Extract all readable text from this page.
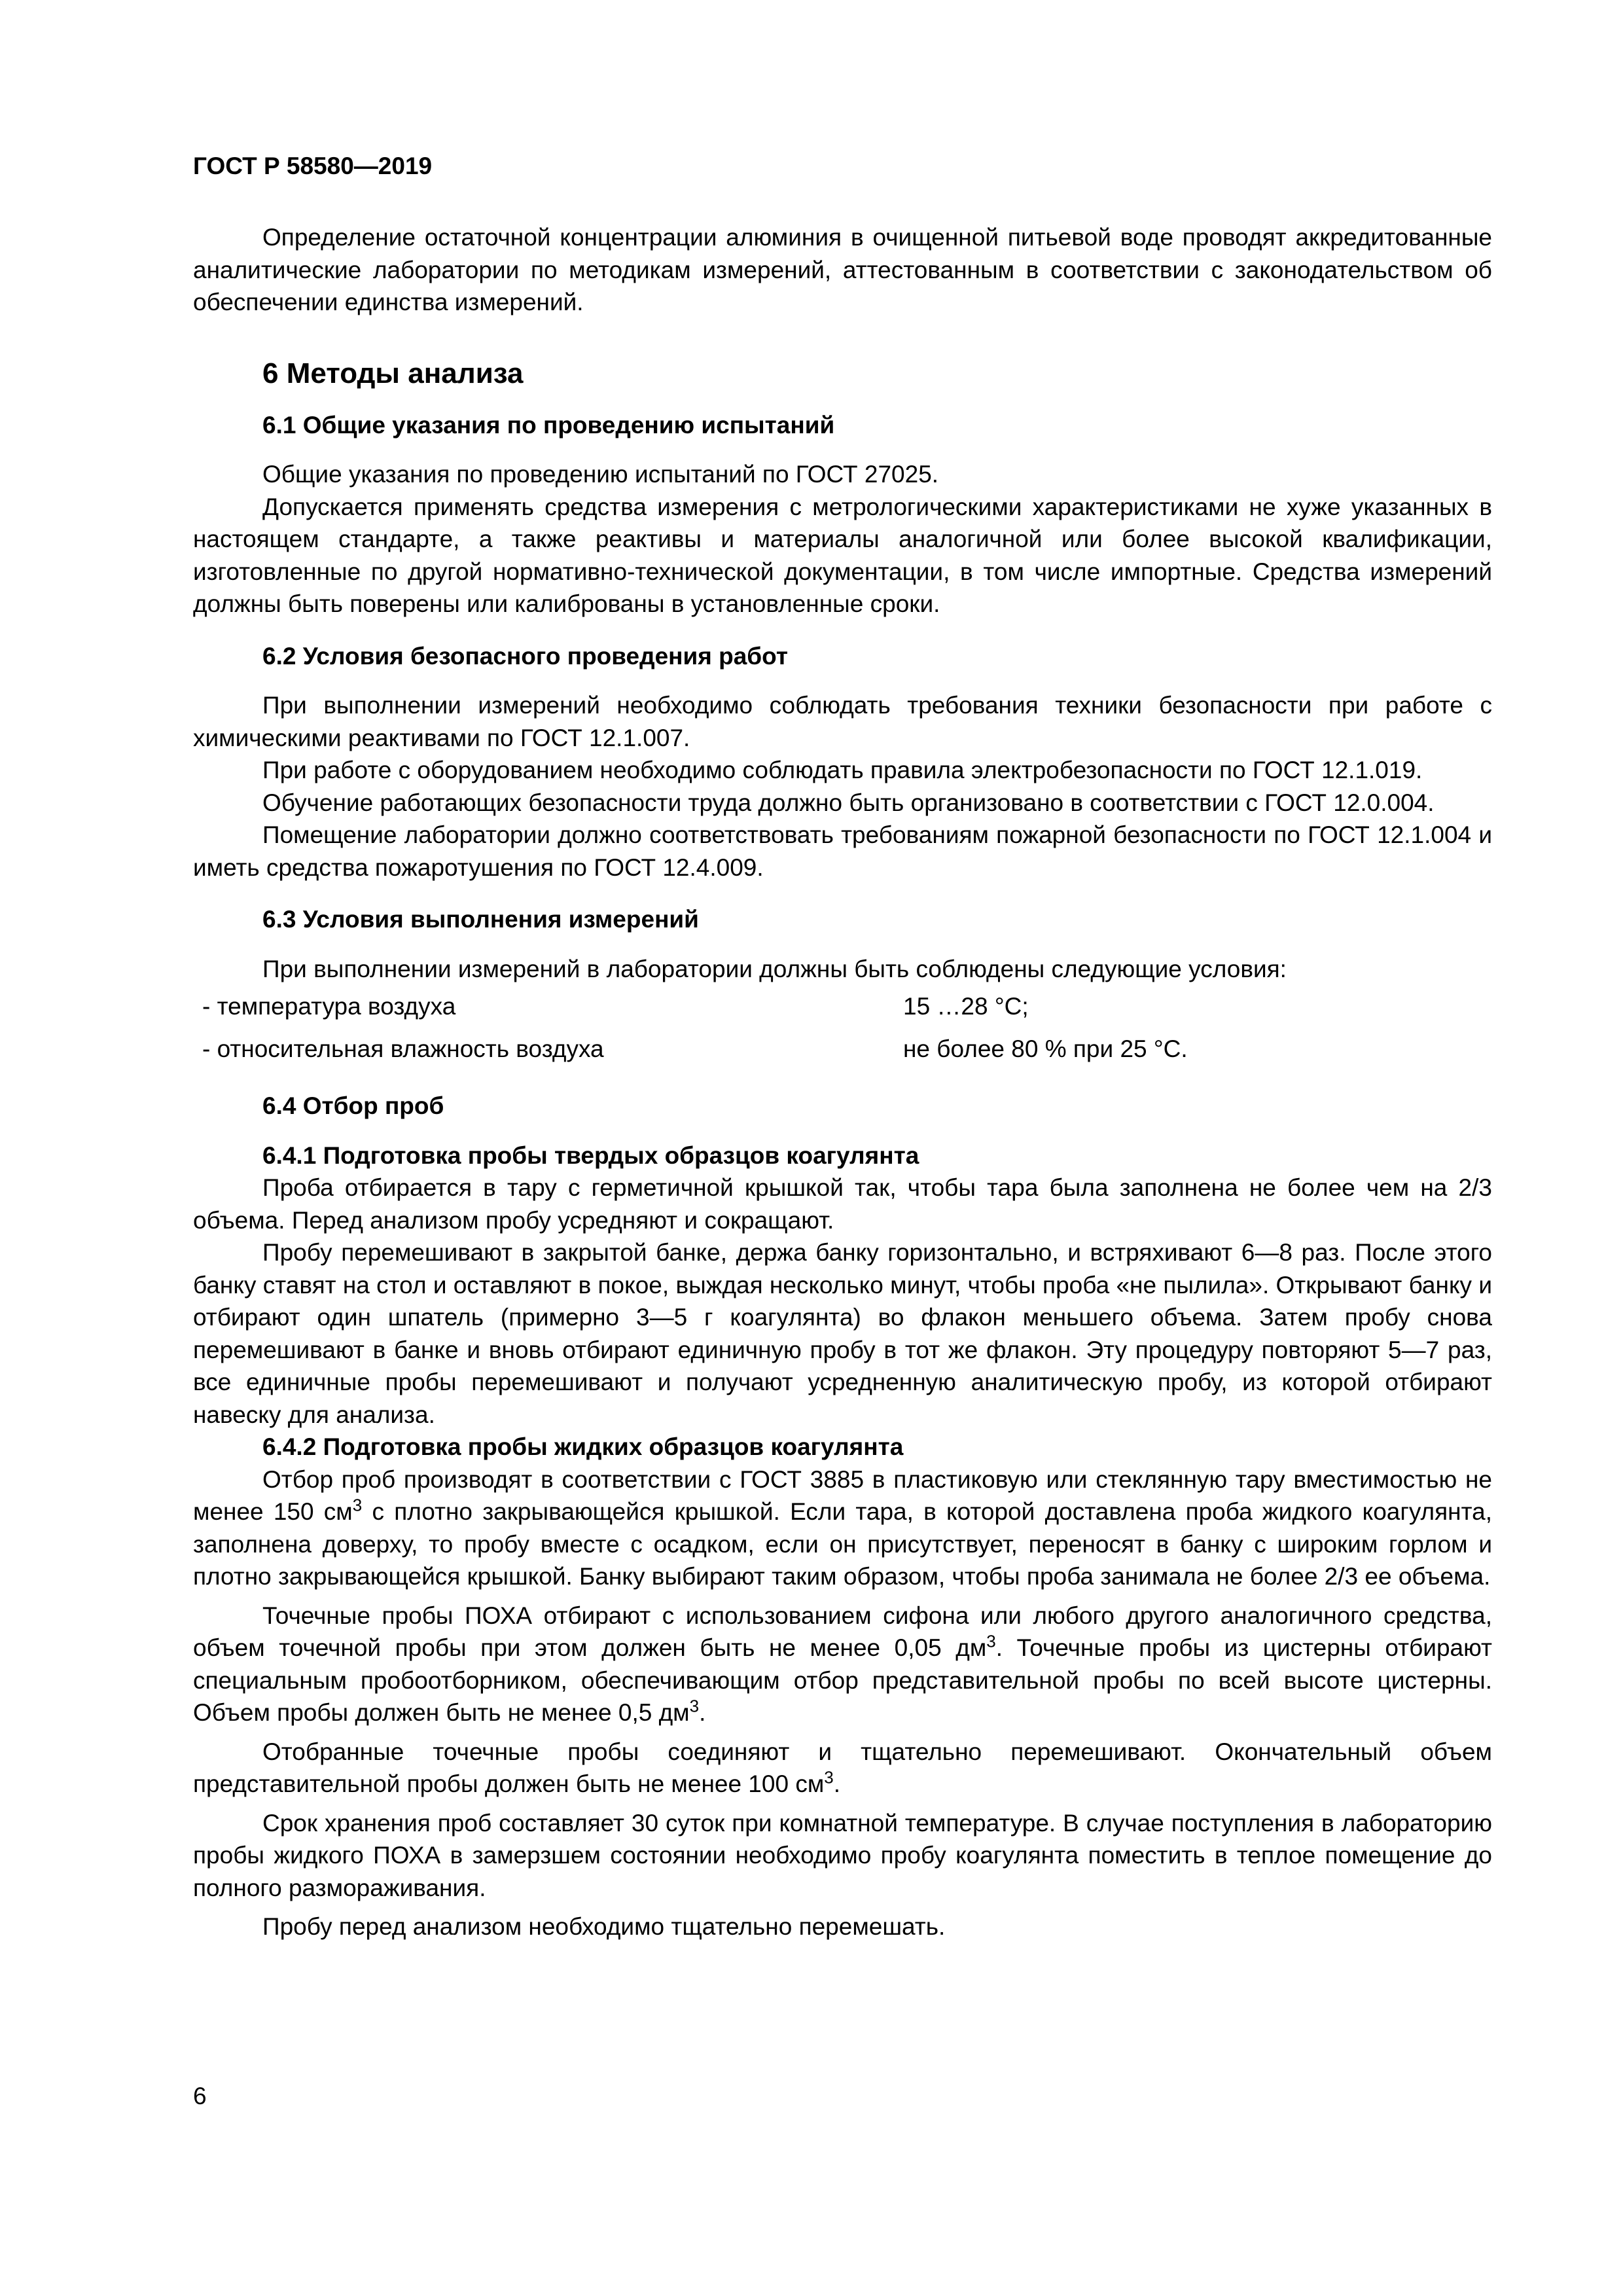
ГОСТ Р 58580—2019

Определение остаточной концентрации алюминия в очищенной питьевой воде проводят аккредитованные аналитические лаборатории по методикам измерений, аттестованным в соответствии с законодательством об обеспечении единства измерений.

6 Методы анализа
6.1 Общие указания по проведению испытаний

Общие указания по проведению испытаний по ГОСТ 27025.

Допускается применять средства измерения с метрологическими характеристиками не хуже указанных в настоящем стандарте, а также реактивы и материалы аналогичной или более высокой квалификации, изготовленные по другой нормативно-технической документации, в том числе импортные. Средства измерений должны быть поверены или калиброваны в установленные сроки.

6.2 Условия безопасного проведения работ

При выполнении измерений необходимо соблюдать требования техники безопасности при работе с химическими реактивами по ГОСТ 12.1.007.

При работе с оборудованием необходимо соблюдать правила электробезопасности по ГОСТ 12.1.019.

Обучение работающих безопасности труда должно быть организовано в соответствии с ГОСТ 12.0.004.

Помещение лаборатории должно соответствовать требованиям пожарной безопасности по ГОСТ 12.1.004 и иметь средства пожаротушения по ГОСТ 12.4.009.

6.3 Условия выполнения измерений

При выполнении измерений в лаборатории должны быть соблюдены следующие условия:

- температура воздуха	15 …28 °C;
- относительная влажность воздуха	не более 80 % при 25 °C.
6.4 Отбор проб
6.4.1 Подготовка пробы твердых образцов коагулянта

Проба отбирается в тару с герметичной крышкой так, чтобы тара была заполнена не более чем на 2/3 объема. Перед анализом пробу усредняют и сокращают.

Пробу перемешивают в закрытой банке, держа банку горизонтально, и встряхивают 6—8 раз. После этого банку ставят на стол и оставляют в покое, выждая несколько минут, чтобы проба «не пылила». Открывают банку и отбирают один шпатель (примерно 3—5 г коагулянта) во флакон меньшего объема. Затем пробу снова перемешивают в банке и вновь отбирают единичную пробу в тот же флакон. Эту процедуру повторяют 5—7 раз, все единичные пробы перемешивают и получают усредненную аналитическую пробу, из которой отбирают навеску для анализа.

6.4.2 Подготовка пробы жидких образцов коагулянта

Отбор проб производят в соответствии с ГОСТ 3885 в пластиковую или стеклянную тару вместимостью не менее 150 $см^3$ с плотно закрывающейся крышкой. Если тара, в которой доставлена проба жидкого коагулянта, заполнена доверху, то пробу вместе с осадком, если он присутствует, переносят в банку с широким горлом и плотно закрывающейся крышкой. Банку выбирают таким образом, чтобы проба занимала не более 2/3 ее объема.

Точечные пробы ПОХА отбирают с использованием сифона или любого другого аналогичного средства, объем точечной пробы при этом должен быть не менее 0,05 $дм^3$. Точечные пробы из цистерны отбирают специальным пробоотборником, обеспечивающим отбор представительной пробы по всей высоте цистерны. Объем пробы должен быть не менее 0,5 $дм^3$.

Отобранные точечные пробы соединяют и тщательно перемешивают. Окончательный объем представительной пробы должен быть не менее 100 $см^3$.

Срок хранения проб составляет 30 суток при комнатной температуре. В случае поступления в лабораторию пробы жидкого ПОХА в замерзшем состоянии необходимо пробу коагулянта поместить в теплое помещение до полного размораживания.

Пробу перед анализом необходимо тщательно перемешать.

6
